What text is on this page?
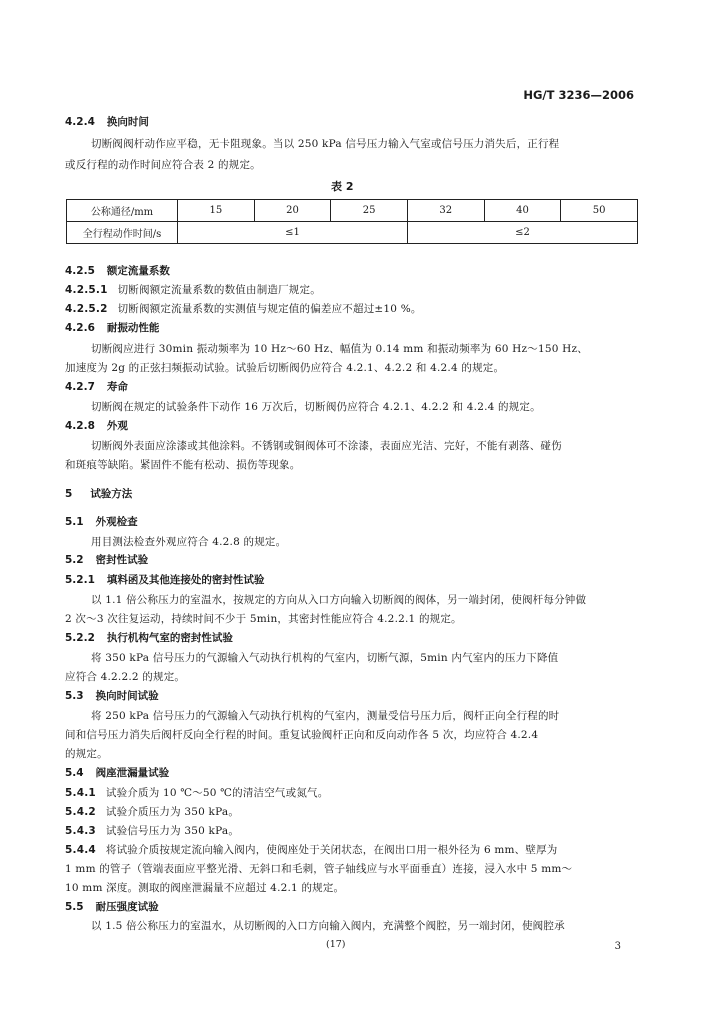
HG/T 3236—2006
4.2.4 换向时间
切断阀阀杆动作应平稳，无卡阻现象。当以 250 kPa 信号压力输入气室或信号压力消失后，正行程
或反行程的动作时间应符合表 2 的规定。
表 2
公称通径/mm	15	20	25	32	40	50
全行程动作时间/s	≤1			≤2		
4.2.5 额定流量系数
4.2.5.1 切断阀额定流量系数的数值由制造厂规定。
4.2.5.2 切断阀额定流量系数的实测值与规定值的偏差应不超过±10 %。
4.2.6 耐振动性能
切断阀应进行 30min 振动频率为 10 Hz～60 Hz、幅值为 0.14 mm 和振动频率为 60 Hz～150 Hz、
加速度为 2g 的正弦扫频振动试验。试验后切断阀仍应符合 4.2.1、4.2.2 和 4.2.4 的规定。
4.2.7 寿命
切断阀在规定的试验条件下动作 16 万次后，切断阀仍应符合 4.2.1、4.2.2 和 4.2.4 的规定。
4.2.8 外观
切断阀外表面应涂漆或其他涂料。不锈钢或铜阀体可不涂漆，表面应光洁、完好，不能有剥落、碰伤
和斑痕等缺陷。紧固件不能有松动、损伤等现象。
5 试验方法
5.1 外观检查
用目测法检查外观应符合 4.2.8 的规定。
5.2 密封性试验
5.2.1 填料函及其他连接处的密封性试验
以 1.1 倍公称压力的室温水，按规定的方向从入口方向输入切断阀的阀体，另一端封闭，使阀杆每分钟做
2 次～3 次往复运动，持续时间不少于 5min，其密封性能应符合 4.2.2.1 的规定。
5.2.2 执行机构气室的密封性试验
将 350 kPa 信号压力的气源输入气动执行机构的气室内，切断气源，5min 内气室内的压力下降值
应符合 4.2.2.2 的规定。
5.3 换向时间试验
将 250 kPa 信号压力的气源输入气动执行机构的气室内，测量受信号压力后，阀杆正向全行程的时
间和信号压力消失后阀杆反向全行程的时间。重复试验阀杆正向和反向动作各 5 次，均应符合 4.2.4
的规定。
5.4 阀座泄漏量试验
5.4.1 试验介质为 10 ℃～50 ℃的清洁空气或氮气。
5.4.2 试验介质压力为 350 kPa。
5.4.3 试验信号压力为 350 kPa。
5.4.4 将试验介质按规定流向输入阀内，使阀座处于关闭状态，在阀出口用一根外径为 6 mm、壁厚为
1 mm 的管子（管端表面应平整光滑、无斜口和毛刺，管子轴线应与水平面垂直）连接，浸入水中 5 mm～
10 mm 深度。测取的阀座泄漏量不应超过 4.2.1 的规定。
5.5 耐压强度试验
以 1.5 倍公称压力的室温水，从切断阀的入口方向输入阀内，充满整个阀腔，另一端封闭，使阀腔承
(17)	3
